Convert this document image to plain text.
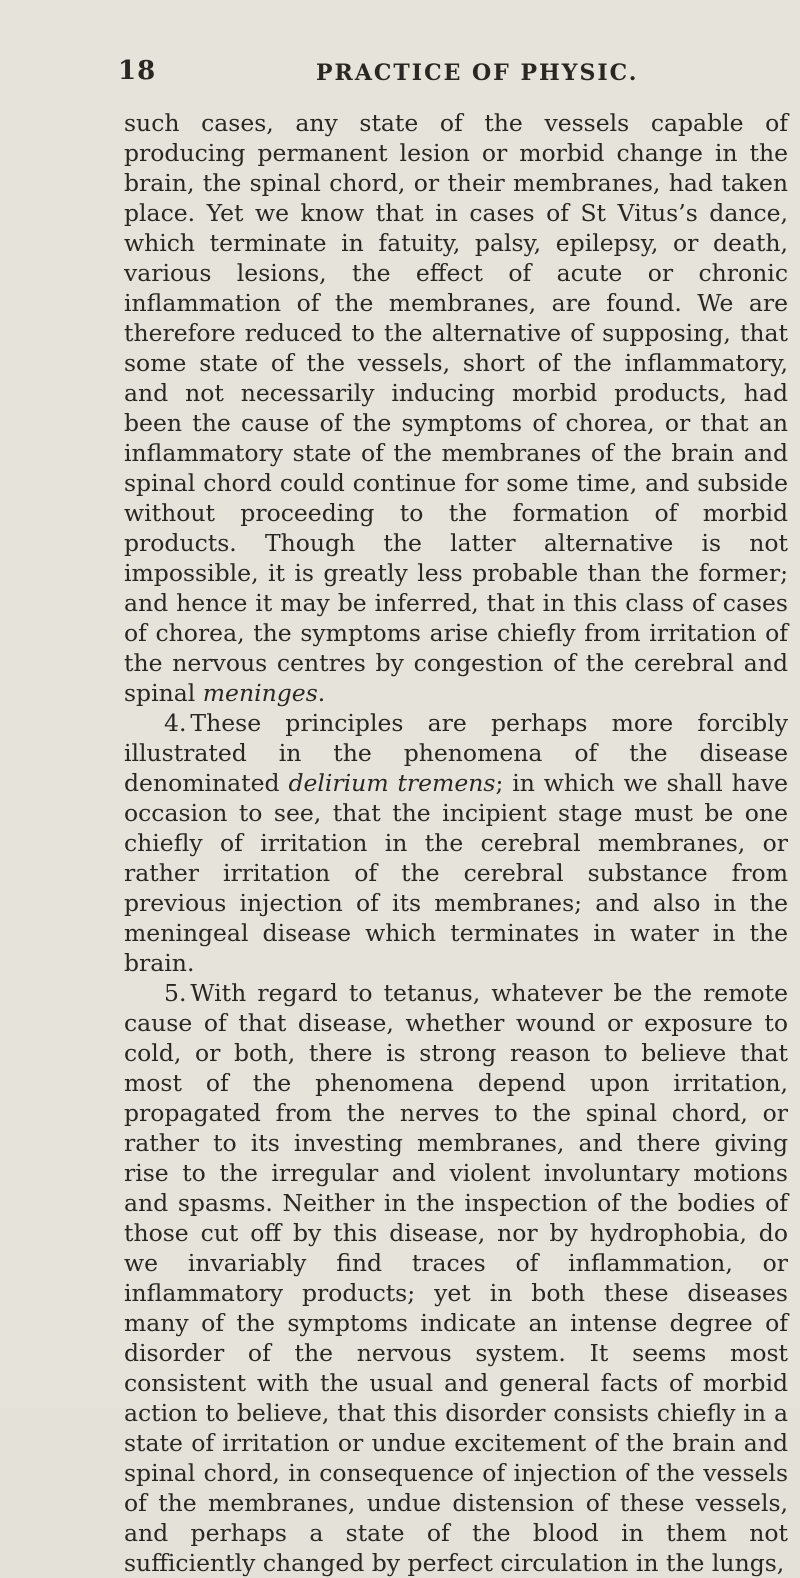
18	PRACTICE OF PHYSIC.

such cases, any state of the vessels capable of producing permanent lesion or morbid change in the brain, the spinal chord, or their membranes, had taken place. Yet we know that in cases of St Vitus’s dance, which terminate in fatuity, palsy, epilepsy, or death, various lesions, the effect of acute or chronic inflammation of the membranes, are found. We are therefore reduced to the alternative of supposing, that some state of the vessels, short of the inflammatory, and not necessarily inducing morbid products, had been the cause of the symptoms of chorea, or that an inflammatory state of the membranes of the brain and spinal chord could continue for some time, and subside without proceeding to the formation of morbid products. Though the latter alternative is not impossible, it is greatly less probable than the former; and hence it may be inferred, that in this class of cases of chorea, the symptoms arise chiefly from irritation of the nervous centres by congestion of the cerebral and spinal meninges.

4. These principles are perhaps more forcibly illustrated in the phenomena of the disease denominated delirium tremens; in which we shall have occasion to see, that the incipient stage must be one chiefly of irritation in the cerebral membranes, or rather irritation of the cerebral substance from previous injection of its membranes; and also in the meningeal disease which terminates in water in the brain.

5. With regard to tetanus, whatever be the remote cause of that disease, whether wound or exposure to cold, or both, there is strong reason to believe that most of the phenomena depend upon irritation, propagated from the nerves to the spinal chord, or rather to its investing membranes, and there giving rise to the irregular and violent involuntary motions and spasms. Neither in the inspection of the bodies of those cut off by this disease, nor by hydrophobia, do we invariably find traces of inflammation, or inflammatory products; yet in both these diseases many of the symptoms indicate an intense degree of disorder of the nervous system. It seems most consistent with the usual and general facts of morbid action to believe, that this disorder consists chiefly in a state of irritation or undue excitement of the brain and spinal chord, in consequence of injection of the vessels of the membranes, undue distension of these vessels, and perhaps a state of the blood in them not sufficiently changed by perfect circulation in the lungs,
